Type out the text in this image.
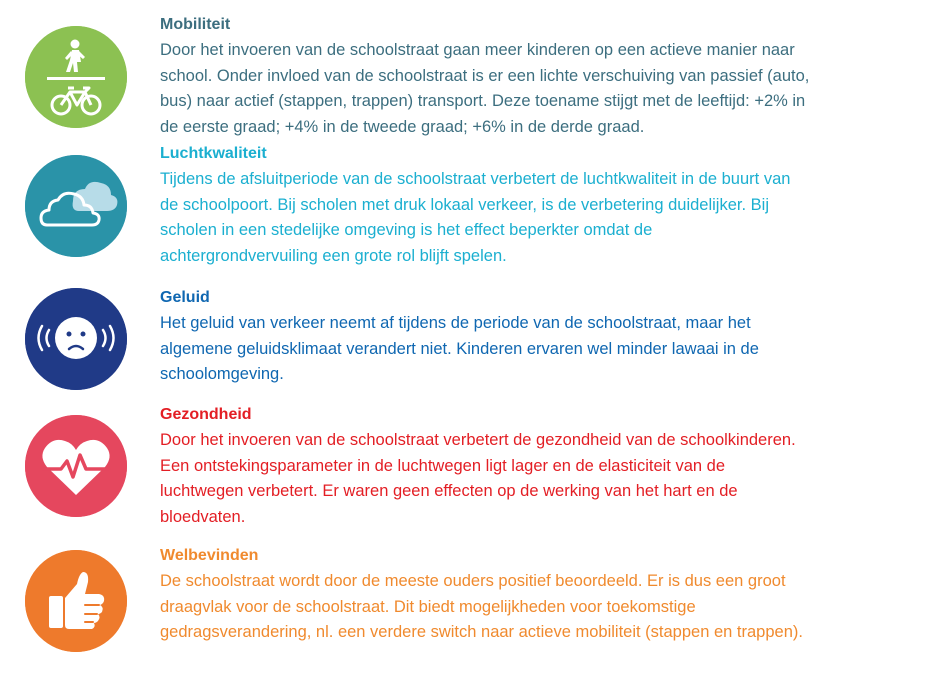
Mobiliteit

Door het invoeren van de schoolstraat gaan meer kinderen op een actieve manier naar
school. Onder invloed van de schoolstraat is er een lichte verschuiving van passief (auto,
bus) naar actief (stappen, trappen) transport. Deze toename stijgt met de leeftijd: +2% in
de eerste graad; +4% in de tweede graad; +6% in de derde graad.

Luchtkwaliteit

Tijdens de afsluitperiode van de schoolstraat verbetert de luchtkwaliteit in de buurt van
de schoolpoort. Bij scholen met druk lokaal verkeer, is de verbetering duidelijker. Bij
scholen in een stedelijke omgeving is het effect beperkter omdat de
achtergrondvervuiling een grote rol blijft spelen.

Geluid

Het geluid van verkeer neemt af tijdens de periode van de schoolstraat, maar het
algemene geluidsklimaat verandert niet. Kinderen ervaren wel minder lawaai in de
schoolomgeving.

Gezondheid

Door het invoeren van de schoolstraat verbetert de gezondheid van de schoolkinderen.
Een ontstekingsparameter in de luchtwegen ligt lager en de elasticiteit van de
luchtwegen verbetert. Er waren geen effecten op de werking van het hart en de
bloedvaten.

Welbevinden

De schoolstraat wordt door de meeste ouders positief beoordeeld. Er is dus een groot
draagvlak voor de schoolstraat. Dit biedt mogelijkheden voor toekomstige
gedragsverandering, nl. een verdere switch naar actieve mobiliteit (stappen en trappen).
